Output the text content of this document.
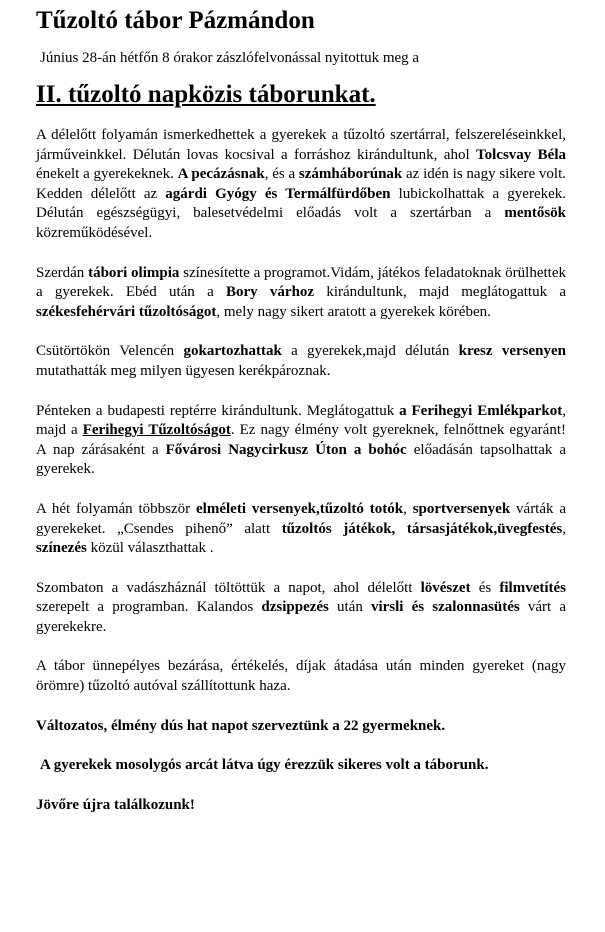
Tűzoltó tábor Pázmándon

Június 28-án hétfőn 8 órakor zászlófelvonással nyitottuk meg a

II. tűzoltó napközis táborunkat.

A délelőtt folyamán ismerkedhettek a gyerekek a tűzoltó szertárral, felszereléseinkkel, járműveinkkel. Délután lovas kocsival a forráshoz kirándultunk, ahol Tolcsvay Béla énekelt a gyerekeknek. A pecázásnak, és a számháborúnak az idén is nagy sikere volt. Kedden délelőtt az agárdi Gyógy és Termálfürdőben lubickolhattak a gyerekek. Délután egészségügyi, balesetvédelmi előadás volt a szertárban a mentősök közreműködésével.

Szerdán tábori olimpia színesítette a programot.Vidám, játékos feladatoknak örülhettek a gyerekek. Ebéd után a Bory várhoz kirándultunk, majd meglátogattuk a székesfehérvári tűzoltóságot, mely nagy sikert aratott a gyerekek körében.

Csütörtökön Velencén gokartozhattak a gyerekek,majd délután kresz versenyen mutathatták meg milyen ügyesen kerékpároznak.

Pénteken a budapesti reptérre kirándultunk. Meglátogattuk a Ferihegyi Emlékparkot, majd a Ferihegyi Tűzoltóságot. Ez nagy élmény volt gyereknek, felnőttnek egyaránt! A nap zárásaként a Fővárosi Nagycirkusz Úton a bohóc előadásán tapsolhattak a gyerekek.

A hét folyamán többször elméleti versenyek,tűzoltó totók, sportversenyek várták a gyerekeket. „Csendes pihenő” alatt tűzoltós játékok, társasjátékok,üvegfestés, színezés közül választhattak .

Szombaton a vadászháznál töltöttük a napot, ahol délelőtt lövészet és filmvetítés szerepelt a programban. Kalandos dzsippezés után virsli és szalonnasütés várt a gyerekekre.

A tábor ünnepélyes bezárása, értékelés, díjak átadása után minden gyereket (nagy örömre) tűzoltó autóval szállítottunk haza.

Változatos, élmény dús hat napot szerveztünk a 22 gyermeknek.

A gyerekek mosolygós arcát látva úgy érezzük sikeres volt a táborunk.

Jövőre újra találkozunk!
